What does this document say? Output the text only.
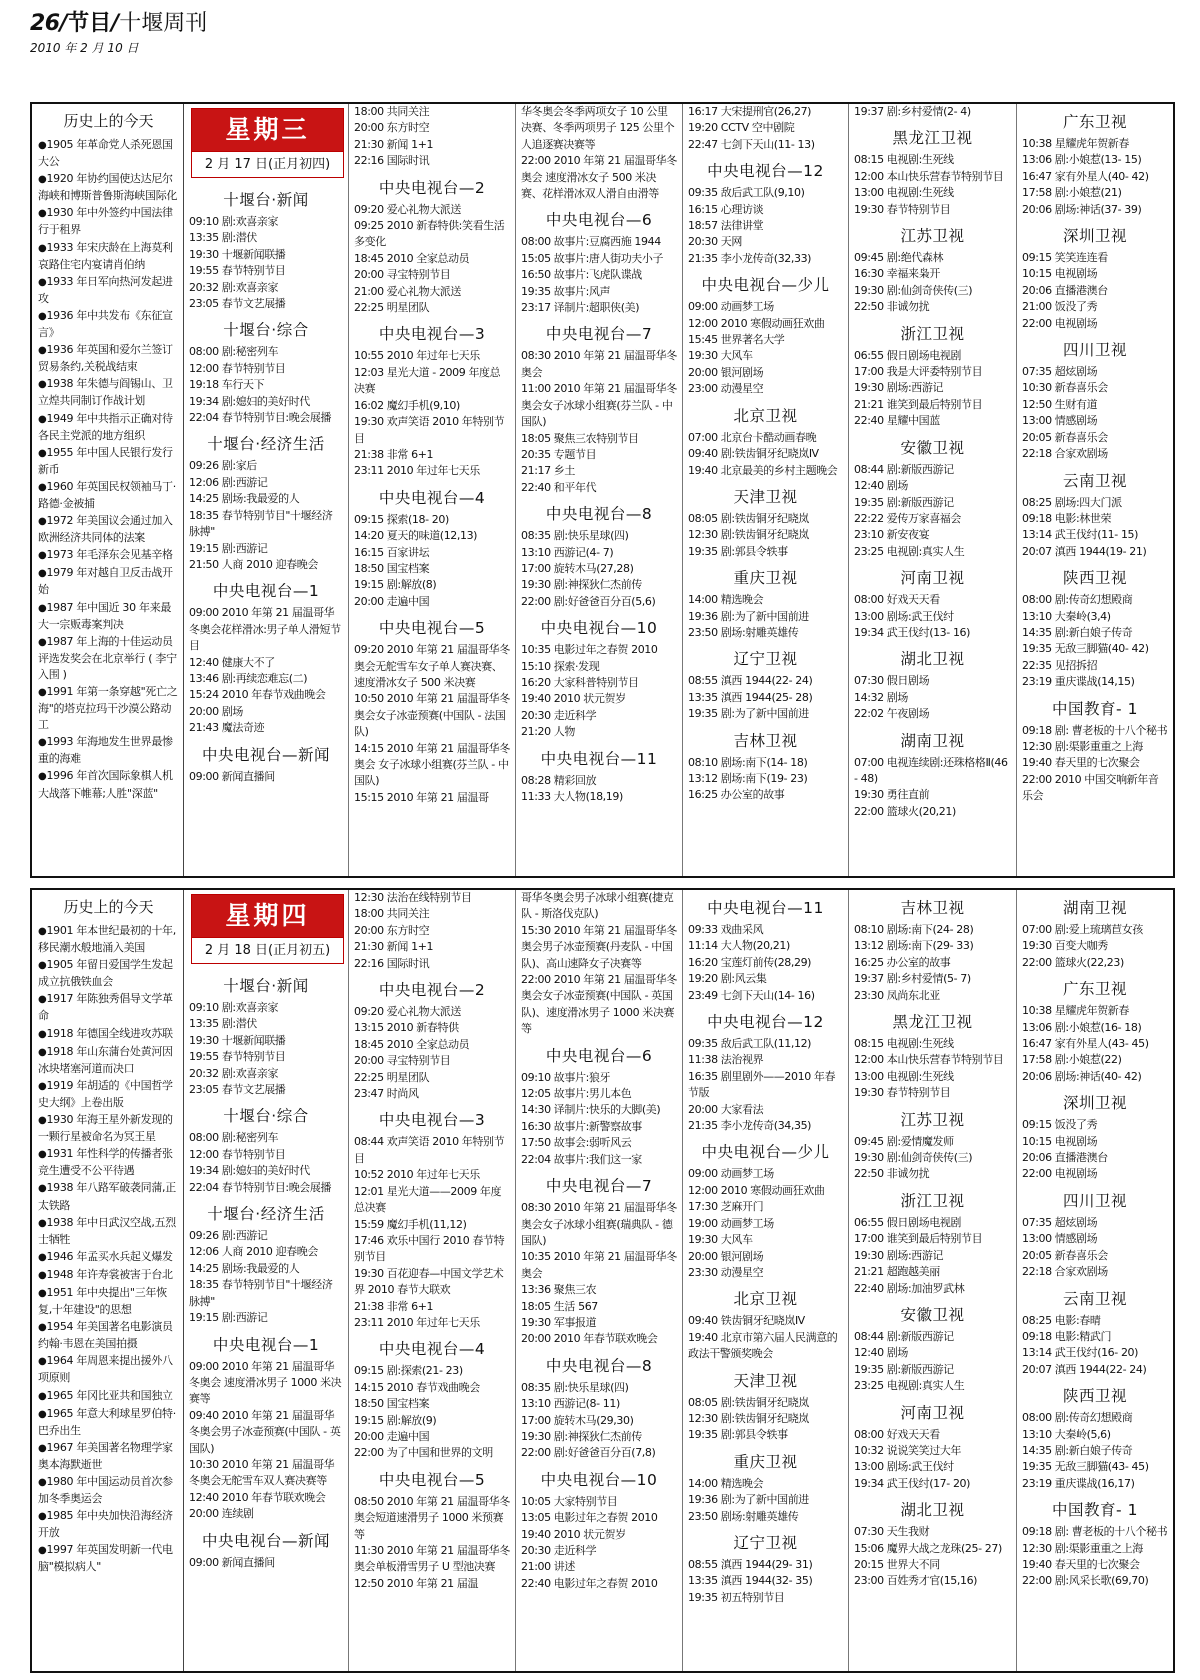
26/节目/十堰周刊
2010 年 2 月 10 日
历史上的今天

● 1905 年革命党人杀死恩国大公

● 1920 年协约国使达达尼尔海峡和博斯普鲁斯海峡国际化

● 1930 年中外签约中国法律行于租界

● 1933 年宋庆龄在上海莫利哀路住宅内宴请肖伯纳

● 1933 年日军向热河发起进攻

● 1936 年中共发布《东征宣言》

● 1936 年英国和爱尔兰签订贸易条约,关税战结束

● 1938 年朱德与阎锡山、卫立煌共同制订作战计划

● 1949 年中共指示正确对待各民主党派的地方组织

● 1955 年中国人民银行发行新币

● 1960 年英国民权领袖马丁·路德·金被捕

● 1972 年美国议会通过加入欧洲经济共同体的法案

● 1973 年毛泽东会见基辛格

● 1979 年对越自卫反击战开始

● 1987 年中国近 30 年来最大一宗贩毒案判决

● 1987 年上海的十佳运动员评选发奖会在北京举行 ( 李宁入围 )

● 1991 年第一条穿越"死亡之海"的塔克拉玛干沙漠公路动工

● 1993 年海地发生世界最惨重的海难

● 1996 年首次国际象棋人机大战落下帷幕;人胜"深蓝"

星期三
2 月 17 日(正月初四)
十堰台·新闻
09:10 剧:欢喜亲家
13:35 剧:潜伏
19:30 十堰新闻联播
19:55 春节特别节目
20:32 剧:欢喜亲家
23:05 春节文艺展播
十堰台·综合
08:00 剧:秘密列车
12:00 春节特别节目
19:18 车行天下
19:34 剧:媳妇的美好时代
22:04 春节特别节目:晚会展播
十堰台·经济生活
09:26 剧:家后
12:06 剧:西游记
14:25 剧场:我最爱的人
18:35 春节特别节目"十堰经济脉搏"
19:15 剧:西游记
21:50 人商 2010 迎春晚会
中央电视台—1
09:00 2010 年第 21 届温哥华冬奥会花样滑冰:男子单人滑短节目
12:40 健康大不了
13:46 剧:再续恋难忘(二)
15:24 2010 年春节戏曲晚会
20:00 剧场
21:43 魔法奇迹
中央电视台—新闻
09:00 新闻直播间
18:00 共同关注
20:00 东方时空
21:30 新闻 1+1
22:16 国际时讯
中央电视台—2
09:20 爱心礼物大派送
09:25 2010 新春特供:笑看生活多变化
18:45 2010 全家总动员
20:00 寻宝特别节目
21:00 爱心礼物大派送
22:25 明星团队
中央电视台—3
10:55 2010 年过年七天乐
12:03 星光大道 - 2009 年度总决赛
16:02 魔幻手机(9,10)
19:30 欢声笑语 2010 年特别节目
21:38 非常 6+1
23:11 2010 年过年七天乐
中央电视台—4
09:15 探索(18- 20)
14:20 夏天的味道(12,13)
16:15 百家讲坛
18:50 国宝档案
19:15 剧:解放(8)
20:00 走遍中国
中央电视台—5
09:20 2010 年第 21 届温哥华冬奥会无舵雪车女子单人赛决赛、速度滑冰女子 500 米决赛
10:50 2010 年第 21 届温哥华冬奥会女子冰壶预赛(中国队 - 法国队)
14:15 2010 年第 21 届温哥华冬奥会 女子冰球小组赛(芬兰队 - 中国队)
15:15 2010 年第 21 届温哥
华冬奥会冬季两项女子 10 公里决赛、冬季两项男子 125 公里个人追逐赛决赛等
22:00 2010 年第 21 届温哥华冬奥会 速度滑冰女子 500 米决赛、花样滑冰双人滑自由滑等
中央电视台—6
08:00 故事片:豆腐西施 1944
15:05 故事片:唐人街功夫小子
16:50 故事片:飞虎队谍战
19:35 故事片:风声
23:17 译制片:超职侠(美)
中央电视台—7
08:30 2010 年第 21 届温哥华冬奥会
11:00 2010 年第 21 届温哥华冬奥会女子冰球小组赛(芬兰队 - 中国队)
18:05 聚焦三农特别节目
20:35 专题节目
21:17 乡土
22:40 和平年代
中央电视台—8
08:35 剧:快乐星球(四)
13:10 西游记(4- 7)
17:00 旋转木马(27,28)
19:30 剧:神探狄仁杰前传
22:00 剧:好爸爸百分百(5,6)
中央电视台—10
10:35 电影过年之春贺 2010
15:10 探索·发现
16:20 大家科普特别节目
19:40 2010 状元贺岁
20:30 走近科学
21:20 人物
中央电视台—11
08:28 精彩回放
11:33 大人物(18,19)
16:17 大宋提刑官(26,27)
19:20 CCTV 空中剧院
22:47 七剑下天山(11- 13)
中央电视台—12
09:35 敌后武工队(9,10)
16:15 心理访谈
18:57 法律讲堂
20:30 天网
21:35 李小龙传奇(32,33)
中央电视台—少儿
09:00 动画梦工场
12:00 2010 寒假动画狂欢曲
15:45 世界著名大学
19:30 大风车
20:00 银河剧场
23:00 动漫星空
北京卫视
07:00 北京台卡酷动画春晚
09:40 剧:铁齿铜牙纪晓岚Ⅳ
19:40 北京最美的乡村主题晚会
天津卫视
08:05 剧:铁齿铜牙纪晓岚
12:30 剧:铁齿铜牙纪晓岚
19:35 剧:郭县令轶事
重庆卫视
14:00 精选晚会
19:36 剧:为了新中国前进
23:50 剧场:射雕英雄传
辽宁卫视
08:55 滇西 1944(22- 24)
13:35 滇西 1944(25- 28)
19:35 剧:为了新中国前进
吉林卫视
08:10 剧场:南下(14- 18)
13:12 剧场:南下(19- 23)
16:25 办公室的故事
19:37 剧:乡村爱情(2- 4)
黑龙江卫视
08:15 电视剧:生死线
12:00 本山快乐营春节特别节目
13:00 电视剧:生死线
19:30 春节特别节目
江苏卫视
09:45 剧:绝代森林
16:30 幸福来枭开
19:30 剧:仙剑奇侠传(三)
22:50 非诚勿扰
浙江卫视
06:55 假日剧场电视剧
17:00 我是大评委特别节目
19:30 剧场:西游记
21:21 谁笑到最后特别节目
22:40 星耀中国蓝
安徽卫视
08:44 剧:新版西游记
12:40 剧场
19:35 剧:新版西游记
22:22 爱传万家喜福会
23:10 新安夜宴
23:25 电视剧:真实人生
河南卫视
08:00 好戏天天看
13:00 剧场:武王伐纣
19:34 武王伐纣(13- 16)
湖北卫视
07:30 假日剧场
14:32 剧场
22:02 午夜剧场
湖南卫视
07:00 电视连续剧:还珠格格Ⅱ(46- 48)
19:30 勇往直前
22:00 篮球火(20,21)
广东卫视
10:38 星耀虎年贺新春
13:06 剧:小娘惹(13- 15)
16:47 家有外星人(40- 42)
17:58 剧:小娘惹(21)
20:06 剧场:神话(37- 39)
深圳卫视
09:15 笑笑连连看
10:15 电视剧场
20:06 直播港澳台
21:00 饭没了秀
22:00 电视剧场
四川卫视
07:35 超炫剧场
10:30 新春喜乐会
12:50 生财有道
13:00 情感剧场
20:05 新春喜乐会
22:18 合家欢剧场
云南卫视
08:25 剧场:四大门派
09:18 电影:林世荣
13:14 武王伐纣(11- 15)
20:07 滇西 1944(19- 21)
陕西卫视
08:00 剧:传奇幻想殿商
13:10 大秦岭(3,4)
14:35 剧:新白娘子传奇
19:35 无敌三脚猫(40- 42)
22:35 见招拆招
23:19 重庆谍战(14,15)
中国教育- 1
09:18 剧: 曹老板的十八个秘书
12:30 剧:渠影重重之上海
19:40 春天里的七次聚会
22:00 2010 中国交响新年音乐会
历史上的今天

● 1901 年本世纪最初的十年,移民潮水般地涌入美国

● 1905 年留日爱国学生发起成立抗俄铁血会

● 1917 年陈独秀倡导文学革命

● 1918 年德国全线进攻苏联

● 1918 年山东蒲台处黄河因冰块堵塞河道而决口

● 1919 年胡适的《中国哲学史大纲》上卷出版

● 1930 年海王星外新发现的一颗行星被命名为冥王星

● 1931 年性科学的传播者张竞生遭受不公平待遇

● 1938 年八路军破袭同蒲,正太铁路

● 1938 年中日武汉空战,五烈士牺牲

● 1946 年孟买水兵起义爆发

● 1948 年许寿裳被害于台北

● 1951 年中央提出"三年恢复,十年建设"的思想

● 1954 年美国著名电影演员约翰·韦恩在美国拍摄

● 1964 年周恩来提出援外八项原则

● 1965 年冈比亚共和国独立

● 1965 年意大利球星罗伯特·巴乔出生

● 1967 年美国著名物理学家奥本海默逝世

● 1980 年中国运动员首次参加冬季奥运会

● 1985 年中央加快沿海经济开放

● 1997 年英国发明新一代电脑"模拟病人"

星期四
2 月 18 日(正月初五)
十堰台·新闻
09:10 剧:欢喜亲家
13:35 剧:潜伏
19:30 十堰新闻联播
19:55 春节特别节目
20:32 剧:欢喜亲家
23:05 春节文艺展播
十堰台·综合
08:00 剧:秘密列车
12:00 春节特别节目
19:34 剧:媳妇的美好时代
22:04 春节特别节目:晚会展播
十堰台·经济生活
09:26 剧:西游记
12:06 人商 2010 迎春晚会
14:25 剧场:我最爱的人
18:35 春节特别节目"十堰经济脉搏"
19:15 剧:西游记
中央电视台—1
09:00 2010 年第 21 届温哥华冬奥会 速度滑冰男子 1000 米决赛等
09:40 2010 年第 21 届温哥华冬奥会男子冰壶预赛(中国队 - 英国队)
10:30 2010 年第 21 届温哥华冬奥会无舵雪车双人赛决赛等
12:40 2010 年春节联欢晚会
20:00 连续剧
中央电视台—新闻
09:00 新闻直播间
12:30 法治在线特别节目
18:00 共同关注
20:00 东方时空
21:30 新闻 1+1
22:16 国际时讯
中央电视台—2
09:20 爱心礼物大派送
13:15 2010 新春特供
18:45 2010 全家总动员
20:00 寻宝特别节目
22:25 明星团队
23:47 时尚风
中央电视台—3
08:44 欢声笑语 2010 年特别节目
10:52 2010 年过年七天乐
12:01 星光大道——2009 年度总决赛
15:59 魔幻手机(11,12)
17:46 欢乐中国行 2010 春节特别节目
19:30 百花迎春—中国文学艺术界 2010 春节大联欢
21:38 非常 6+1
23:11 2010 年过年七天乐
中央电视台—4
09:15 剧:探索(21- 23)
14:15 2010 春节戏曲晚会
18:50 国宝档案
19:15 剧:解放(9)
20:00 走遍中国
22:00 为了中国和世界的文明
中央电视台—5
08:50 2010 年第 21 届温哥华冬奥会短道速滑男子 1000 米预赛等
11:30 2010 年第 21 届温哥华冬奥会单板滑雪男子 U 型池决赛
12:50 2010 年第 21 届温
哥华冬奥会男子冰球小组赛(捷克队 - 斯洛伐克队)
15:30 2010 年第 21 届温哥华冬奥会男子冰壶预赛(丹麦队 - 中国队)、高山速降女子决赛等
22:00 2010 年第 21 届温哥华冬奥会女子冰壶预赛(中国队 - 英国队)、速度滑冰男子 1000 米决赛等
中央电视台—6
09:10 故事片:狼牙
12:05 故事片:男儿本色
14:30 译制片:快乐的大脚(美)
16:30 故事片:新警察故事
17:50 故事会:弱听风云
22:04 故事片:我们这一家
中央电视台—7
08:30 2010 年第 21 届温哥华冬奥会女子冰球小组赛(瑞典队 - 德国队)
10:35 2010 年第 21 届温哥华冬奥会
13:36 聚焦三农
18:05 生活 567
19:30 军事报道
20:00 2010 年春节联欢晚会
中央电视台—8
08:35 剧:快乐星球(四)
13:10 西游记(8- 11)
17:00 旋转木马(29,30)
19:30 剧:神探狄仁杰前传
22:00 剧:好爸爸百分百(7,8)
中央电视台—10
10:05 大家特别节目
13:05 电影过年之春贺 2010
19:40 2010 状元贺岁
20:30 走近科学
21:00 讲述
22:40 电影过年之春贺 2010
中央电视台—11
09:33 戏曲采风
11:14 大人物(20,21)
16:20 宝莲灯前传(28,29)
19:20 剧:风云集
23:49 七剑下天山(14- 16)
中央电视台—12
09:35 敌后武工队(11,12)
11:38 法治视界
16:35 剧里剧外——2010 年春节版
20:00 大家看法
21:35 李小龙传奇(34,35)
中央电视台—少儿
09:00 动画梦工场
12:00 2010 寒假动画狂欢曲
17:30 芝麻开门
19:00 动画梦工场
19:30 大风车
20:00 银河剧场
23:30 动漫星空
北京卫视
09:40 铁齿铜牙纪晓岚Ⅳ
19:40 北京市第六届人民满意的政法干警颁奖晚会
天津卫视
08:05 剧:铁齿铜牙纪晓岚
12:30 剧:铁齿铜牙纪晓岚
19:35 剧:郭县令轶事
重庆卫视
14:00 精选晚会
19:36 剧:为了新中国前进
23:50 剧场:射雕英雄传
辽宁卫视
08:55 滇西 1944(29- 31)
13:35 滇西 1944(32- 35)
19:35 初五特别节目
吉林卫视
08:10 剧场:南下(24- 28)
13:12 剧场:南下(29- 33)
16:25 办公室的故事
19:37 剧:乡村爱情(5- 7)
23:30 凤尚东北亚
黑龙江卫视
08:15 电视剧:生死线
12:00 本山快乐营春节特别节目
13:00 电视剧:生死线
19:30 春节特别节目
江苏卫视
09:45 剧:爱情魔发师
19:30 剧:仙剑奇侠传(三)
22:50 非诚勿扰
浙江卫视
06:55 假日剧场电视剧
17:00 谁笑到最后特别节目
19:30 剧场:西游记
21:21 超跑越美丽
22:40 剧场:加油罗武林
安徽卫视
08:44 剧:新版西游记
12:40 剧场
19:35 剧:新版西游记
23:25 电视剧:真实人生
河南卫视
08:00 好戏天天看
10:32 说说笑笑过大年
13:00 剧场:武王伐纣
19:34 武王伐纣(17- 20)
湖北卫视
07:30 天生我财
15:06 魔界大战之龙珠(25- 27)
20:15 世界大不同
23:00 百姓秀才官(15,16)
湖南卫视
07:00 剧:爱上琉璃苣女孩
19:30 百变大咖秀
22:00 篮球火(22,23)
广东卫视
10:38 星耀虎年贺新春
13:06 剧:小娘惹(16- 18)
16:47 家有外星人(43- 45)
17:58 剧:小娘惹(22)
20:06 剧场:神话(40- 42)
深圳卫视
09:15 饭没了秀
10:15 电视剧场
20:06 直播港澳台
22:00 电视剧场
四川卫视
07:35 超炫剧场
13:00 情感剧场
20:05 新春喜乐会
22:18 合家欢剧场
云南卫视
08:25 电影:春晴
09:18 电影:精武门
13:14 武王伐纣(16- 20)
20:07 滇西 1944(22- 24)
陕西卫视
08:00 剧:传奇幻想殿商
13:10 大秦岭(5,6)
14:35 剧:新白娘子传奇
19:35 无敌三脚猫(43- 45)
23:19 重庆谍战(16,17)
中国教育- 1
09:18 剧: 曹老板的十八个秘书
12:30 剧:渠影重重之上海
19:40 春天里的七次聚会
22:00 剧:风采长歌(69,70)
